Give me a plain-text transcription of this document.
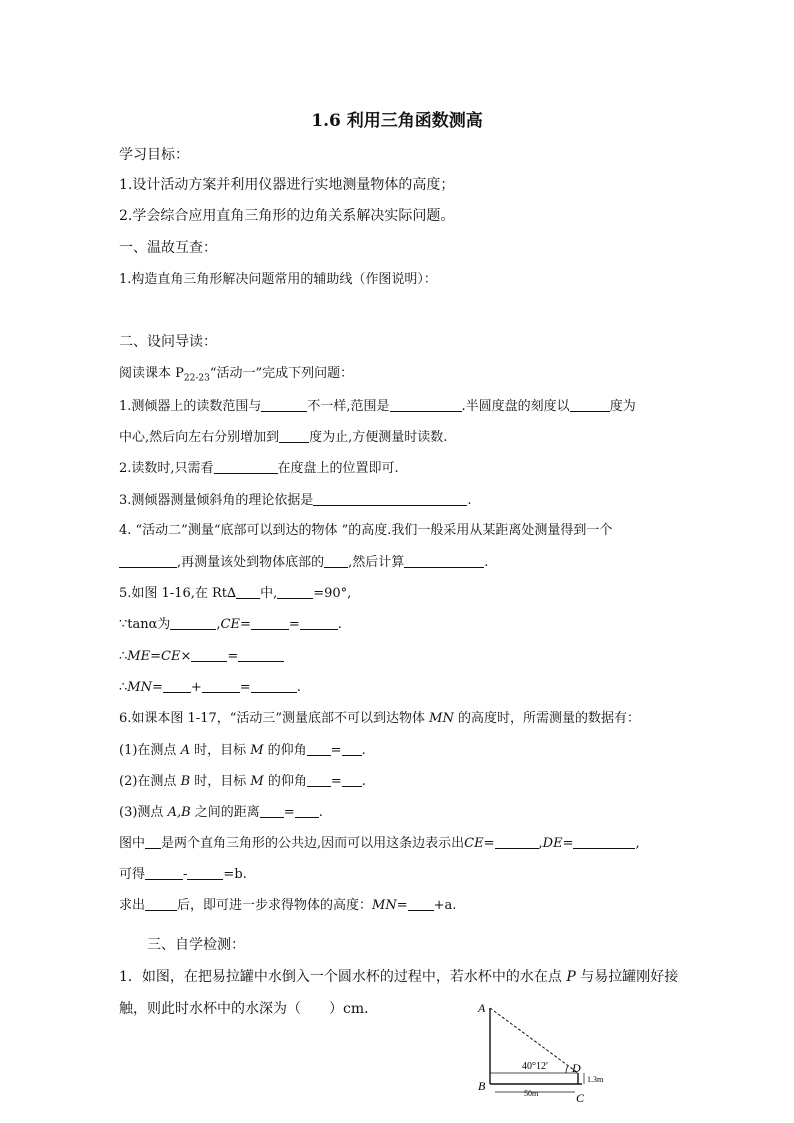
1.6 利用三角函数测高
学习目标：
1.设计活动方案并利用仪器进行实地测量物体的高度；
2.学会综合应用直角三角形的边角关系解决实际问题。
一、温故互查：
1.构造直角三角形解决问题常用的辅助线（作图说明）：
二、设问导读：
阅读课本 $P_{22-23}“$活动一”完成下列问题：
1.测倾器上的读数范围与	不一样,范围是	.半圆度盘的刻度以	度为
中心,然后向左右分别增加到 度为止,方便测量时读数.
2.读数时,只需看	在度盘上的位置即可.
3.测倾器测量倾斜角的理论依据是	.
4. “活动二”测量“底部可以到达的物体 ”的高度.我们一般采用从某距离处测量得到一个
,再测量该处到物体底部的 ,然后计算	.
5.如图 1-16,在 Rt∆ 中,	=90°,
∵tanα为	,CE=	=	.
∴ME=CE×	=
∴MN= +	=	.
6.如课本图 1-17，“活动三”测量底部不可以到达物体 MN 的高度时，所需测量的数据有：
(1)在测点 A 时，目标 M 的仰角 = .
(2)在测点 B 时，目标 M 的仰角 = .
(3)测点 A,B 之间的距离 = .
图中 是两个直角三角形的公共边,因而可以用这条边表示出CE=	,DE=	,
可得	-	=b.
求出 后，即可进一步求得物体的高度：MN= +a.
三、自学检测：
1．如图，在把易拉罐中水倒入一个圆水杯的过程中，若水杯中的水在点 P 与易拉罐刚好接
触，则此时水杯中的水深为（　　）cm．	A
B
C
D
40°12′
50m
1.3m
